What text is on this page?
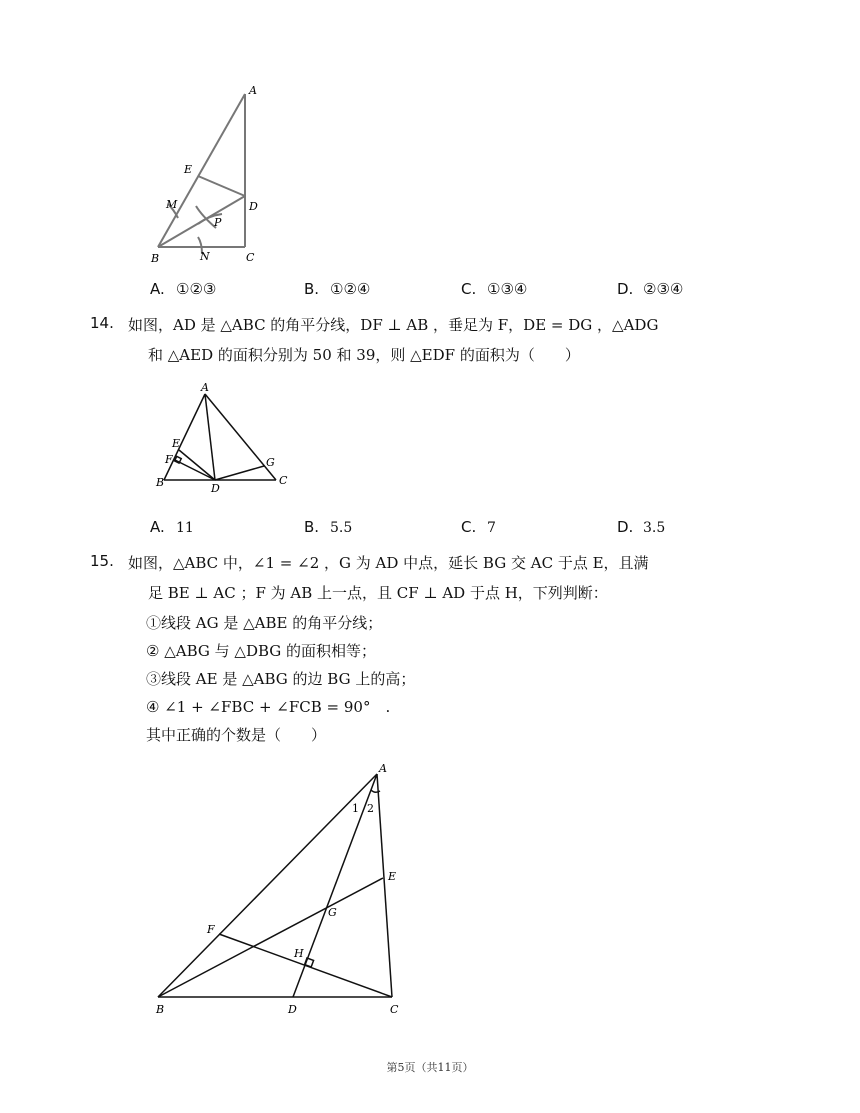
A
E
M	D
P
B	N	C
A. ①②③	B. ①②④	C. ①③④	D. ②③④
14. 如图，AD 是 △ABC 的角平分线，DF ⊥ AB ，垂足为 F，DE = DG ，△ADG
和 △AED 的面积分别为 50 和 39，则 △EDF 的面积为（　　）
A
E
F	G
B	D
C
A. 11	B. 5.5	C. 7	D. 3.5
15. 如图，△ABC 中，∠1 = ∠2 ，G 为 AD 中点，延长 BG 交 AC 于点 E，且满
足 BE ⊥ AC ；F 为 AB 上一点，且 CF ⊥ AD 于点 H，下列判断：
①线段 AG 是 △ABE 的角平分线；
② △ABG 与 △DBG 的面积相等；
③线段 AE 是 △ABG 的边 BG 上的高；
④ ∠1 + ∠FBC + ∠FCB = 90°　.
其中正确的个数是（　　）
A
1 2
E
G
F
H
B	D	C
第5页（共11页）
